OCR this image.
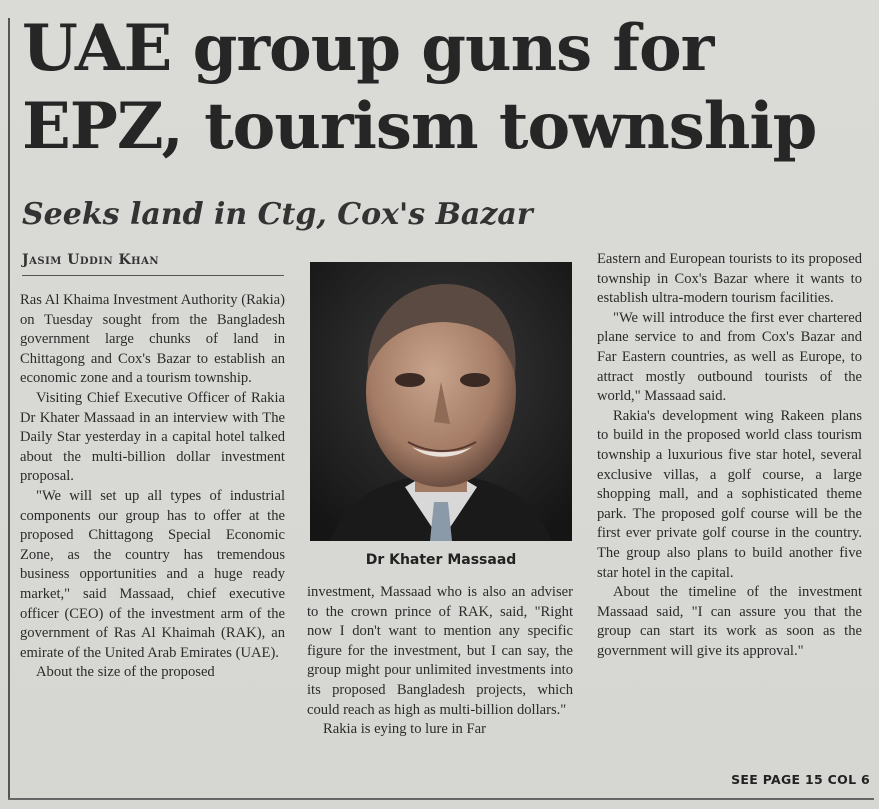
UAE group guns for
EPZ, tourism township
Seeks land in Ctg, Cox's Bazar
Jasim Uddin Khan

Ras Al Khaima Investment Authority (Rakia) on Tuesday sought from the Bangladesh government large chunks of land in Chittagong and Cox's Bazar to establish an economic zone and a tourism township.

Visiting Chief Executive Officer of Rakia Dr Khater Massaad in an interview with The Daily Star yesterday in a capital hotel talked about the multi-billion dollar investment proposal.

"We will set up all types of industrial components our group has to offer at the proposed Chittagong Special Economic Zone, as the country has tremendous business opportunities and a huge ready market," said Massaad, chief executive officer (CEO) of the investment arm of the government of Ras Al Khaimah (RAK), an emirate of the United Arab Emirates (UAE).

About the size of the proposed

Dr Khater Massaad

investment, Massaad who is also an adviser to the crown prince of RAK, said, "Right now I don't want to mention any specific figure for the investment, but I can say, the group might pour unlimited investments into its proposed Bangladesh projects, which could reach as high as multi-billion dollars."

Rakia is eying to lure in Far

Eastern and European tourists to its proposed township in Cox's Bazar where it wants to establish ultra-modern tourism facilities.

"We will introduce the first ever chartered plane service to and from Cox's Bazar and Far Eastern countries, as well as Europe, to attract mostly outbound tourists of the world," Massaad said.

Rakia's development wing Rakeen plans to build in the proposed world class tourism township a luxurious five star hotel, several exclusive villas, a golf course, a large shopping mall, and a sophisticated theme park. The proposed golf course will be the first ever private golf course in the country. The group also plans to build another five star hotel in the capital.

About the timeline of the investment Massaad said, "I can assure you that the group can start its work as soon as the government will give its approval."

SEE PAGE 15 COL 6
